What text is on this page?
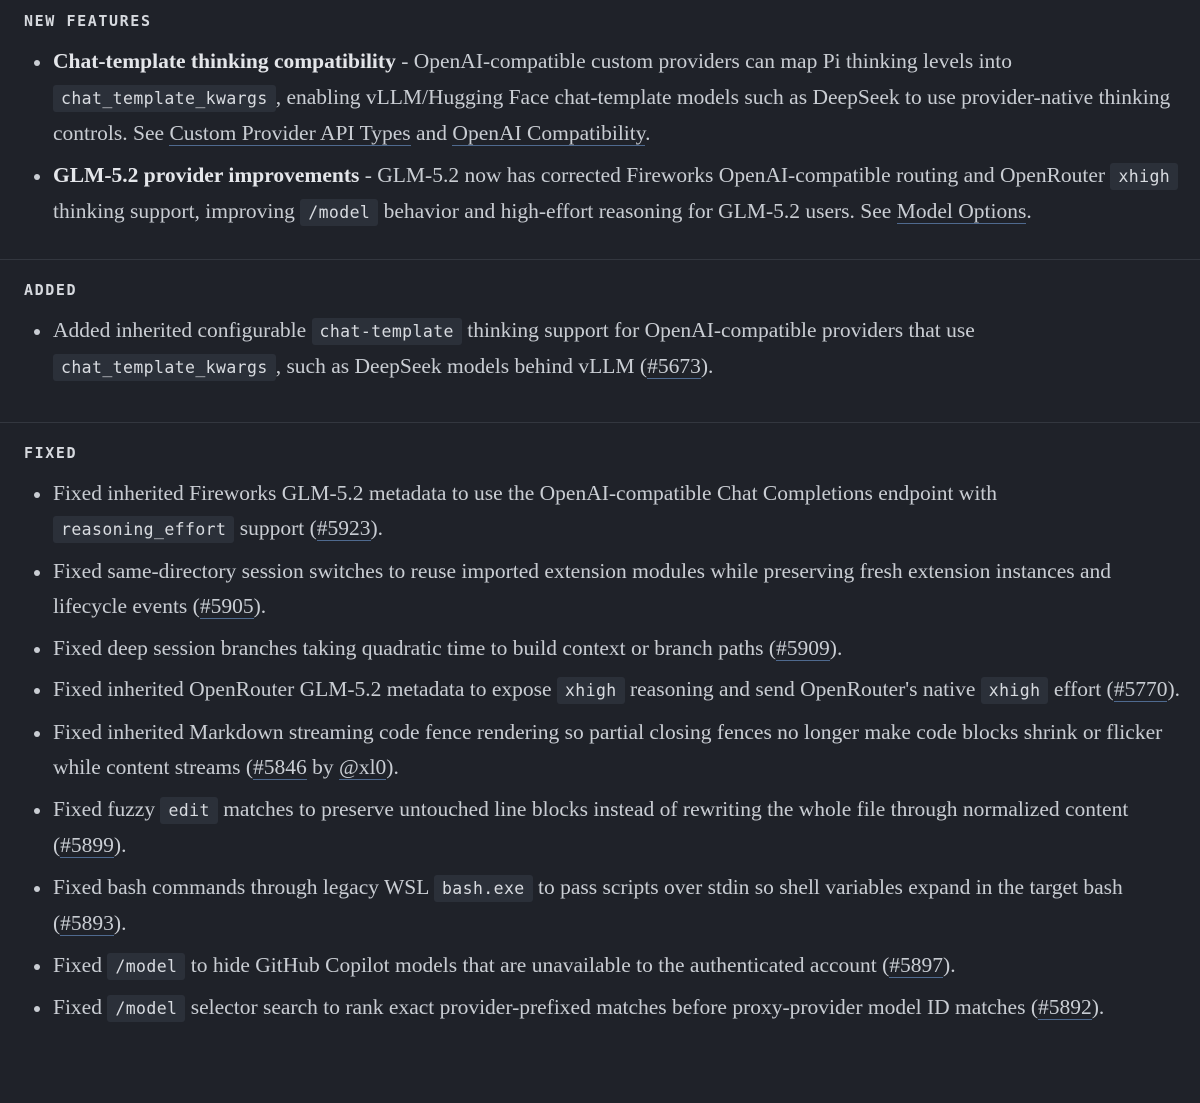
NEW FEATURES
Chat-template thinking compatibility - OpenAI-compatible custom providers can map Pi thinking levels into chat_template_kwargs , enabling vLLM/Hugging Face chat-template models such as DeepSeek to use provider-native thinking controls. See Custom Provider API Types and OpenAI Compatibility.
GLM-5.2 provider improvements - GLM-5.2 now has corrected Fireworks OpenAI-compatible routing and OpenRouter xhigh thinking support, improving /model behavior and high-effort reasoning for GLM-5.2 users. See Model Options.
ADDED
Added inherited configurable chat-template thinking support for OpenAI-compatible providers that use chat_template_kwargs , such as DeepSeek models behind vLLM (#5673).
FIXED
Fixed inherited Fireworks GLM-5.2 metadata to use the OpenAI-compatible Chat Completions endpoint with reasoning_effort support (#5923).
Fixed same-directory session switches to reuse imported extension modules while preserving fresh extension instances and lifecycle events (#5905).
Fixed deep session branches taking quadratic time to build context or branch paths (#5909).
Fixed inherited OpenRouter GLM-5.2 metadata to expose xhigh reasoning and send OpenRouter's native xhigh effort (#5770).
Fixed inherited Markdown streaming code fence rendering so partial closing fences no longer make code blocks shrink or flicker while content streams (#5846 by @xl0).
Fixed fuzzy edit matches to preserve untouched line blocks instead of rewriting the whole file through normalized content (#5899).
Fixed bash commands through legacy WSL bash.exe to pass scripts over stdin so shell variables expand in the target bash (#5893).
Fixed /model to hide GitHub Copilot models that are unavailable to the authenticated account (#5897).
Fixed /model selector search to rank exact provider-prefixed matches before proxy-provider model ID matches (#5892).
